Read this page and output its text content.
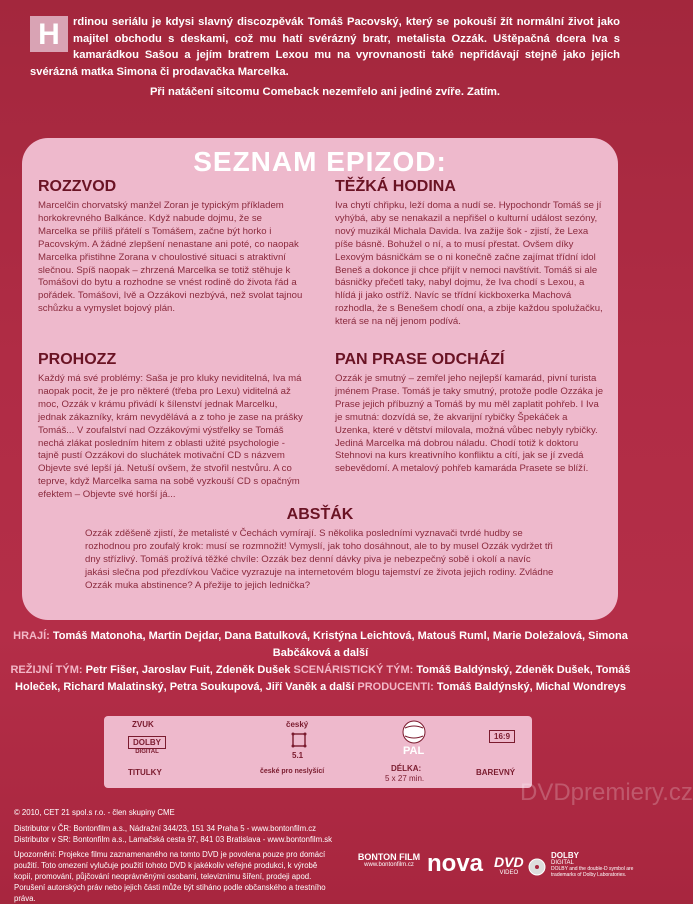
H	rdinou seriálu je kdysi slavný discozpěvák Tomáš Pacovský, který se pokouší žít normální život jako majitel obchodu s deskami, což mu hatí svérázný bratr, metalista Ozzák. Uštěpačná dcera Iva s kamarádkou Sašou a jejím bratrem Lexou mu na vyrovnanosti také nepřidávají stejně jako jejich svérázná matka Simona či prodavačka Marcelka.
Při natáčení sitcomu Comeback nezemřelo ani jediné zvíře. Zatím.
SEZNAM EPIZOD:
ROZZVOD

Marcelčin chorvatský manžel Zoran je typickým příkladem horkokrevného Balkánce. Když nabude dojmu, že se Marcelka se příliš přátelí s Tomášem, začne být horko i Pacovským. A žádné zlepšení nenastane ani poté, co naopak Marcelka přistihne Zorana v choulostivé situaci s atraktivní slečnou. Spíš naopak – zhrzená Marcelka se totiž stěhuje k Tomášovi do bytu a rozhodne se vnést rodině do života řád a pořádek. Tomášovi, Ivě a Ozzákovi nezbývá, než svolat tajnou schůzku a vymyslet bojový plán.

TĚŽKÁ HODINA

Iva chytí chřipku, leží doma a nudí se. Hypochondr Tomáš se jí vyhýbá, aby se nenakazil a nepřišel o kulturní událost sezóny, nový muzikál Michala Davida. Iva zažije šok - zjistí, že Lexa píše básně. Bohužel o ní, a to musí přestat. Ovšem díky Lexovým básničkám se o ni konečně začne zajímat třídní idol Beneš a dokonce ji chce přijít v nemoci navštívit. Tomáš si ale básničky přečetl taky, nabyl dojmu, že Iva chodí s Lexou, a hlídá ji jako ostříž. Navíc se třídní kickboxerka Machová rozhodla, že s Benešem chodí ona, a zbije každou spolužačku, která se na něj jenom podívá.

PROHOZZ

Každý má své problémy: Saša je pro kluky neviditelná, Iva má naopak pocit, že je pro některé (třeba pro Lexu) viditelná až moc, Ozzák v krámu přivádí k šílenství jednak Marcelku, jednak zákazníky, krám nevydělává a z toho je zase na prášky Tomáš... V zoufalství nad Ozzákovými výstřelky se Tomáš nechá zlákat posledním hitem z oblasti užité psychologie - tajně pustí Ozzákovi do sluchátek motivační CD s názvem Objevte své lepší já. Netuší ovšem, že stvořil nestvůru. A co teprve, když Marcelka sama na sobě vyzkouší CD s opačným efektem – Objevte své horší já...

PAN PRASE ODCHÁZÍ

Ozzák je smutný – zemřel jeho nejlepší kamarád, pivní turista jménem Prase. Tomáš je taky smutný, protože podle Ozzáka je Prase jejich příbuzný a Tomáš by mu měl zaplatit pohřeb. I Iva je smutná: dozvídá se, že akvarijní rybičky Špekáček a Uzenka, které v dětství milovala, možná vůbec nebyly rybičky. Jediná Marcelka má dobrou náladu. Chodí totiž k doktoru Stehnovi na kurs kreativního konfliktu a cítí, jak se jí zvedá sebevědomí. A metalový pohřeb kamaráda Prasete se blíží.

ABSŤÁK

Ozzák zděšeně zjistí, že metalisté v Čechách vymírají. S několika posledními vyznavači tvrdé hudby se rozhodnou pro zoufalý krok: musí se rozmnožit! Vymyslí, jak toho dosáhnout, ale to by musel Ozzák vydržet tři dny střízlivý. Tomáš prožívá těžké chvíle: Ozzák bez denní dávky piva je nebezpečný sobě i okolí a navíc jakási slečna pod přezdívkou Vačice vyzrazuje na internetovém blogu tajemství ze života jejich rodiny. Zvládne Ozzák muka abstinence? A přežije to jejich lednička?

HRAJÍ: Tomáš Matonoha, Martin Dejdar, Dana Batulková, Kristýna Leichtová, Matouš Ruml, Marie Doležalová, Simona Babčáková a další
REŽIJNÍ TÝM: Petr Fišer, Jaroslav Fuit, Zdeněk Dušek SCENÁRISTICKÝ TÝM: Tomáš Baldýnský, Zdeněk Dušek, Tomáš Holeček, Richard Malatinský, Petra Soukupová, Jiří Vaněk a další PRODUCENTI: Tomáš Baldýnský, Michal Wondreys
ZVUK
DOLBY
DIGITAL
český
5.1	PAL
16:9
TITULKY	české pro neslyšící	DÉLKA:
5 x 27 min.
BAREVNÝ
DVDpremiery.cz
© 2010, CET 21 spol.s r.o. - člen skupiny CME
Distributor v ČR: Bontonfilm a.s., Nádražní 344/23, 151 34 Praha 5 - www.bontonfilm.cz
Distributor v SR: Bontonfilm a.s., Lamačská cesta 97, 841 03 Bratislava - www.bontonfilm.sk
Upozornění: Projekce filmu zaznamenaného na tomto DVD je povolena pouze pro domácí použití. Toto omezení vylučuje použití tohoto DVD k jakékoliv veřejné produkci, k výrobě kopií, promování, půjčování neoprávněnými osobami, televiznímu šíření, prodeji apod. Porušení autorských práv nebo jejich části může být stiháno podle občanského a trestního práva.
BONTON FILM
www.bontonfilm.cz nova DVD
VIDEO
DOLBY
DIGITAL
DOLBY and the double-D symbol are trademarks of Dolby Laboratories.
